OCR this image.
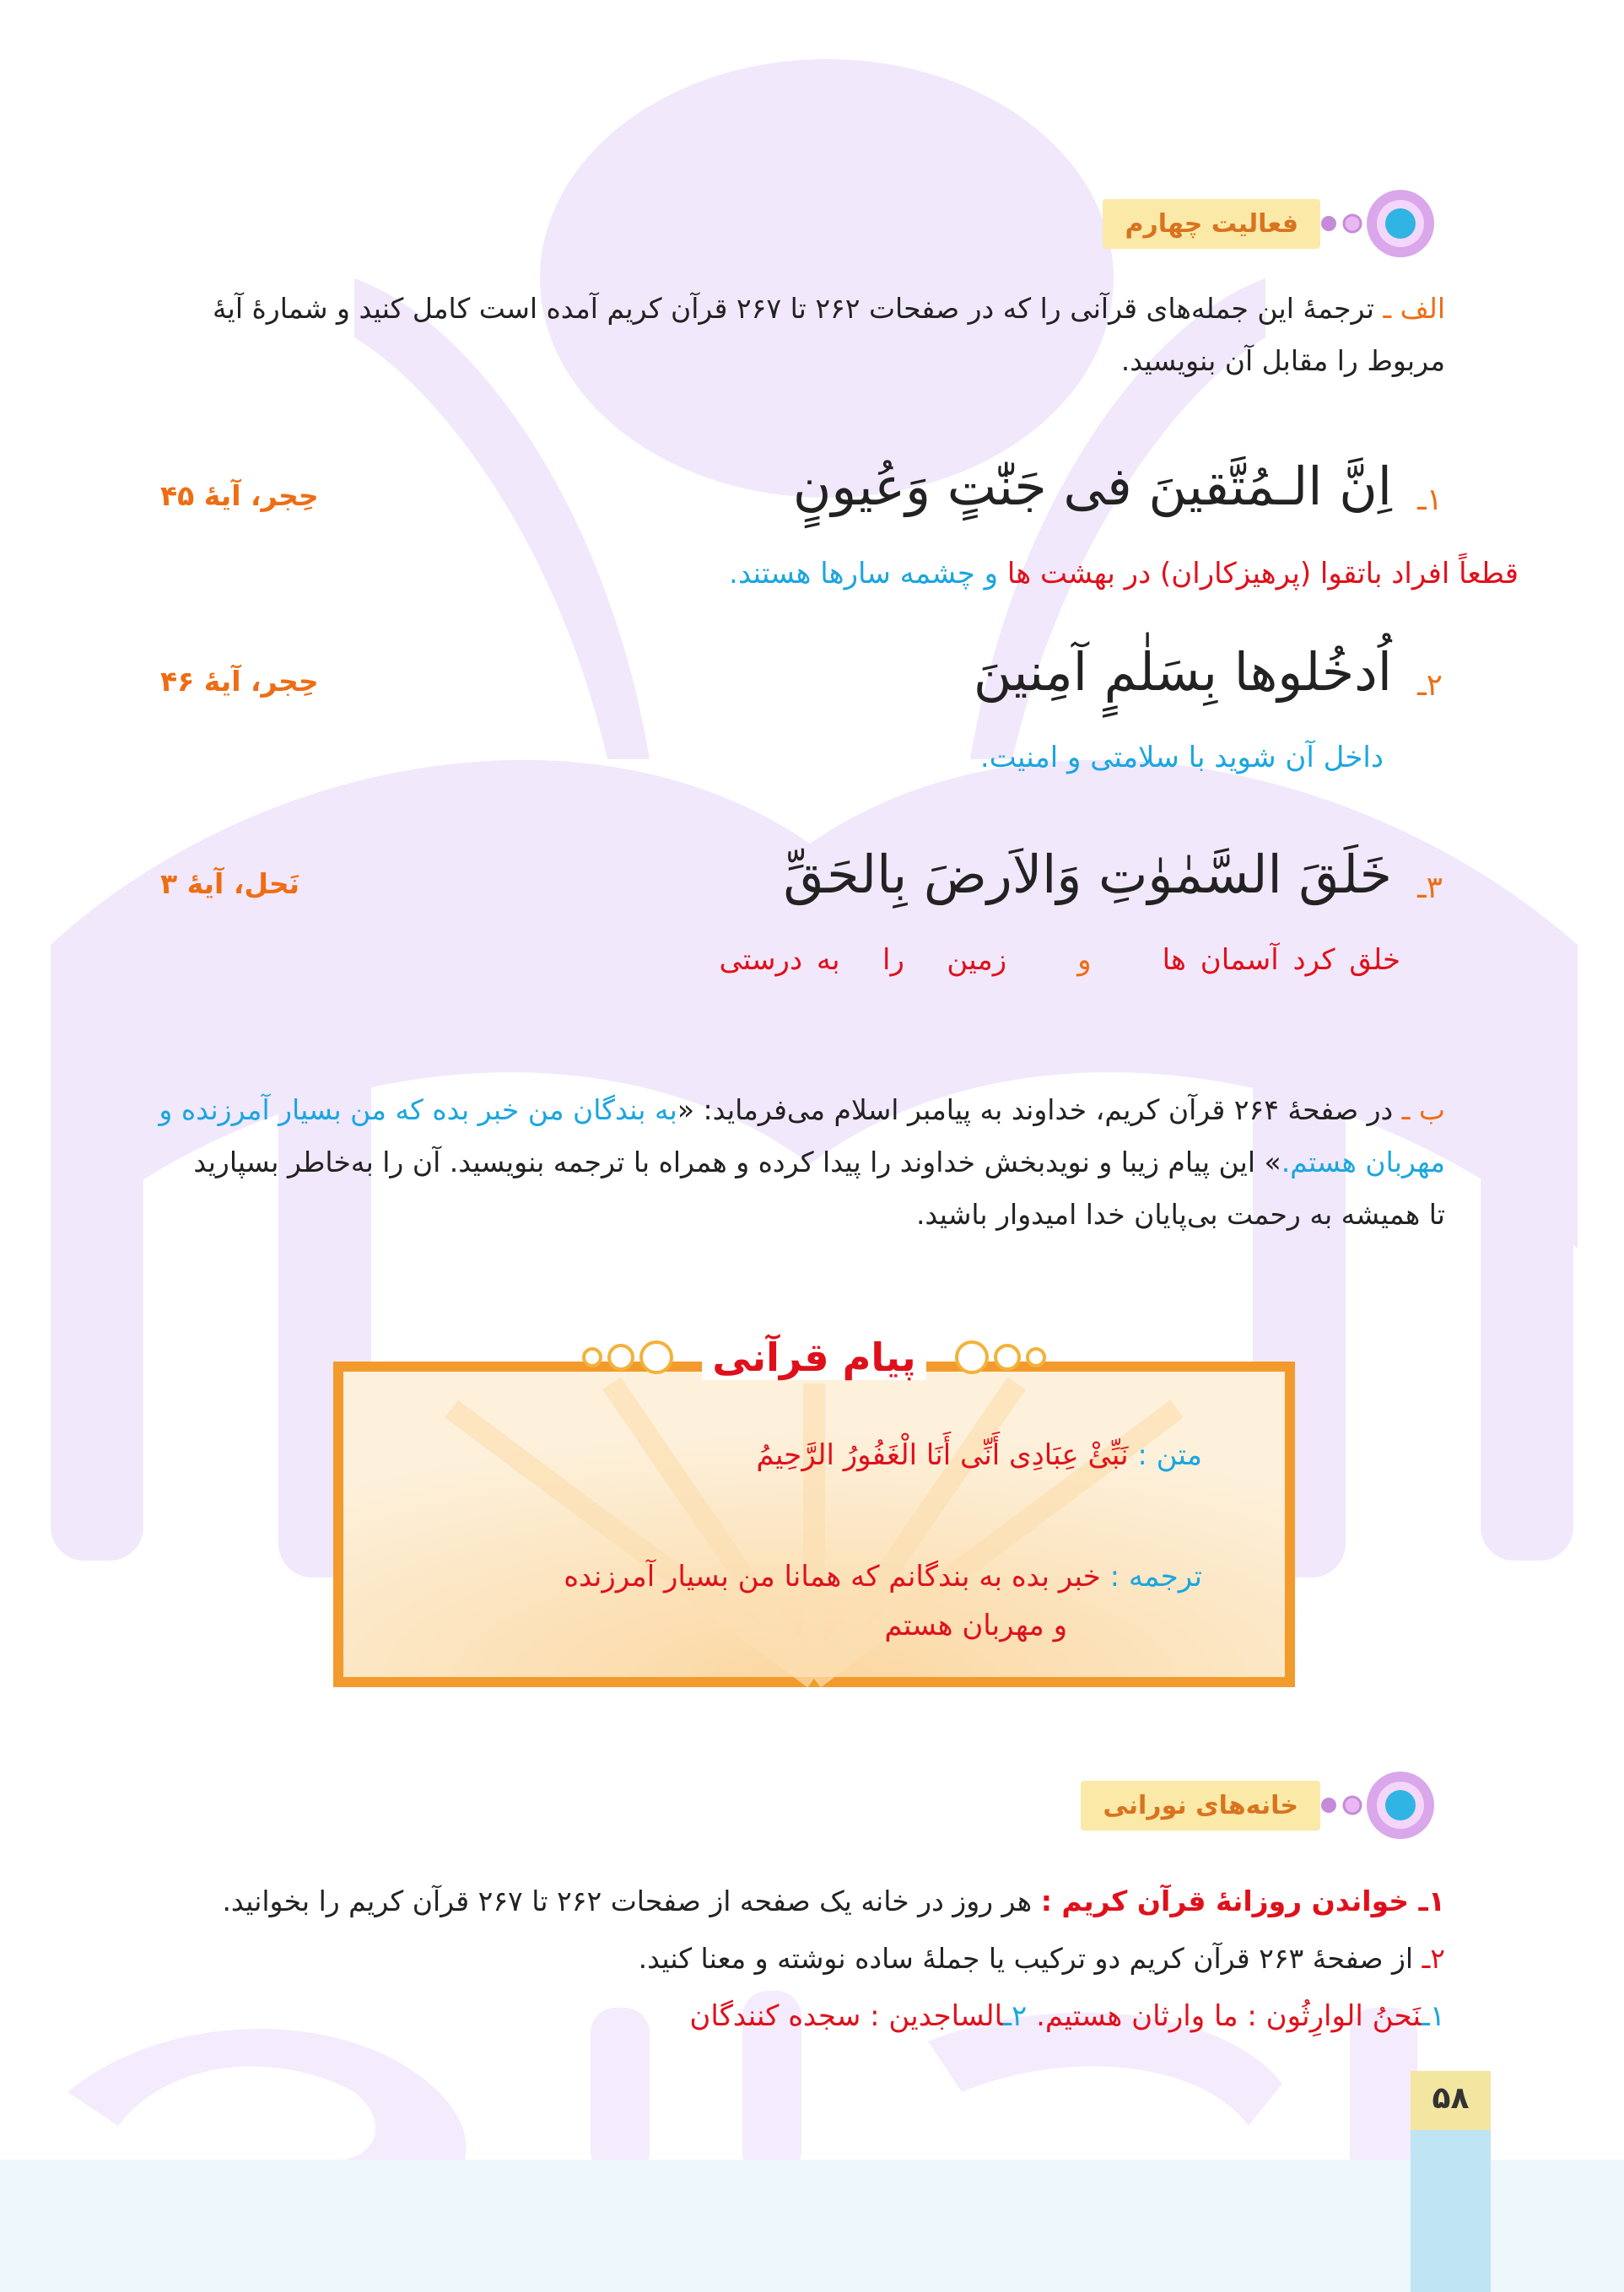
فعالیت چهارم
الف ـ ترجمهٔ این جمله‌های قرآنی را که در صفحات ۲۶۲ تا ۲۶۷ قرآن کریم آمده است کامل کنید و شمارهٔ آیهٔ
مربوط را مقابل آن بنویسید.
۱ـ
اِنَّ الـمُتَّقینَ فی جَنّٰتٍ وَعُیونٍ
حِجر، آیهٔ ۴۵
قطعاً افراد باتقوا (پرهیزکاران) در بهشت ها و چشمه سارها هستند.
۲ـ
اُدخُلوها بِسَلٰمٍ آمِنینَ
حِجر، آیهٔ ۴۶
داخل آن شوید با سلامتی و امنیت.
۳ـ
خَلَقَ السَّمٰوٰتِ وَالاَرضَ بِالحَقِّ
نَحل، آیهٔ ۳
خلق کرد آسمان ها     و     زمین   را   به درستی
ب ـ در صفحهٔ ۲۶۴ قرآن کریم، خداوند به پیامبر اسلام می‌فرماید: «به بندگان من خبر بده که من بسیار آمرزنده و
مهربان هستم.» این پیام زیبا و نویدبخش خداوند را پیدا کرده و همراه با ترجمه بنویسید. آن را به‌خاطر بسپارید
تا همیشه به رحمت بی‌پایان خدا امیدوار باشید.
پیام قرآنی
متن : نَبِّئْ عِبَادِی أَنِّی أَنَا الْغَفُورُ الرَّحِیمُ
ترجمه : خبر بده به بندگانم که همانا من بسیار آمرزنده
و مهربان هستم
خانه‌های نورانی
۱ـ خواندن روزانهٔ قرآن کریم : هر روز در خانه یک صفحه از صفحات ۲۶۲ تا ۲۶۷ قرآن کریم را بخوانید.
۲ـ از صفحهٔ ۲۶۳ قرآن کریم دو ترکیب یا جملهٔ ساده نوشته و معنا کنید.
۱ـنَحنُ الوارِثُون : ما وارثان هستیم. ۲ـالساجدین : سجده کنندگان
۵۸
